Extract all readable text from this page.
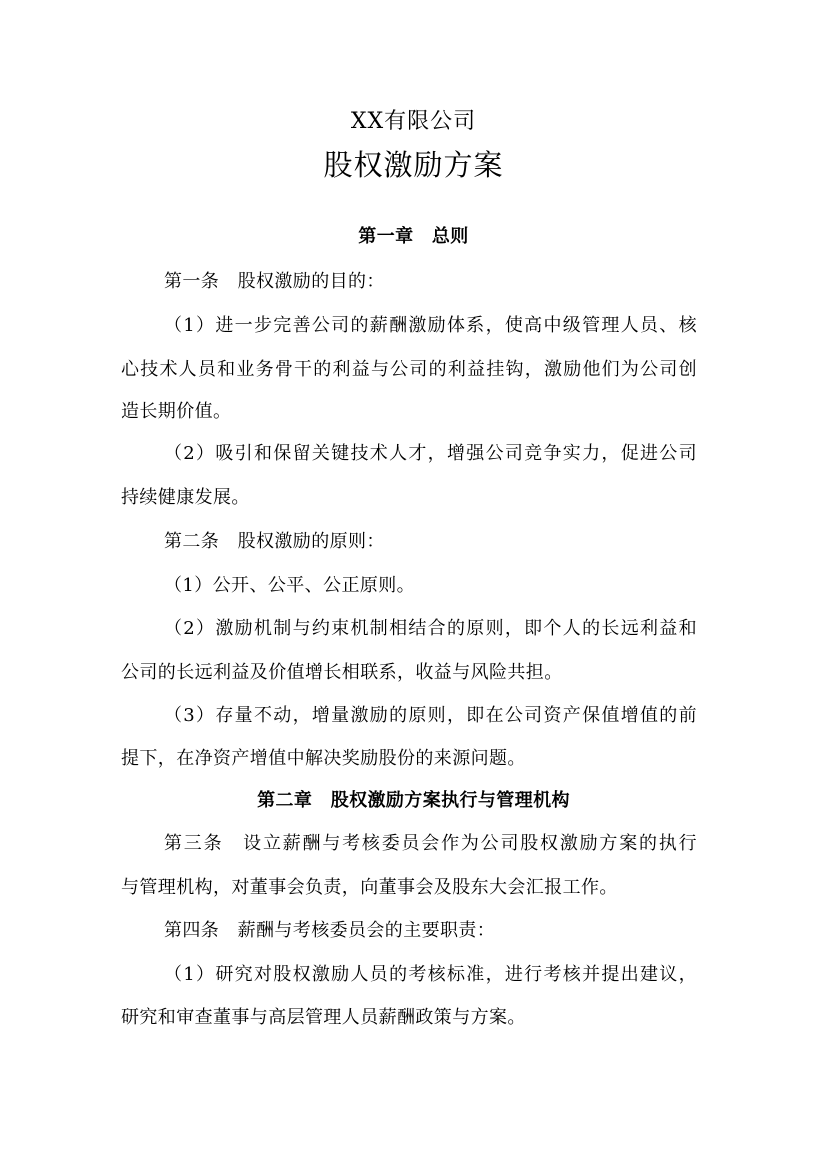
XX有限公司
股权激励方案
第一章　总则
第一条　股权激励的目的：
（1）进一步完善公司的薪酬激励体系，使高中级管理人员、核
心技术人员和业务骨干的利益与公司的利益挂钩，激励他们为公司创
造长期价值。
（2）吸引和保留关键技术人才，增强公司竞争实力，促进公司
持续健康发展。
第二条　股权激励的原则：
（1）公开、公平、公正原则。
（2）激励机制与约束机制相结合的原则，即个人的长远利益和
公司的长远利益及价值增长相联系，收益与风险共担。
（3）存量不动，增量激励的原则，即在公司资产保值增值的前
提下，在净资产增值中解决奖励股份的来源问题。
第二章　股权激励方案执行与管理机构
第三条　设立薪酬与考核委员会作为公司股权激励方案的执行
与管理机构，对董事会负责，向董事会及股东大会汇报工作。
第四条　薪酬与考核委员会的主要职责：
（1）研究对股权激励人员的考核标准，进行考核并提出建议，
研究和审查董事与高层管理人员薪酬政策与方案。
